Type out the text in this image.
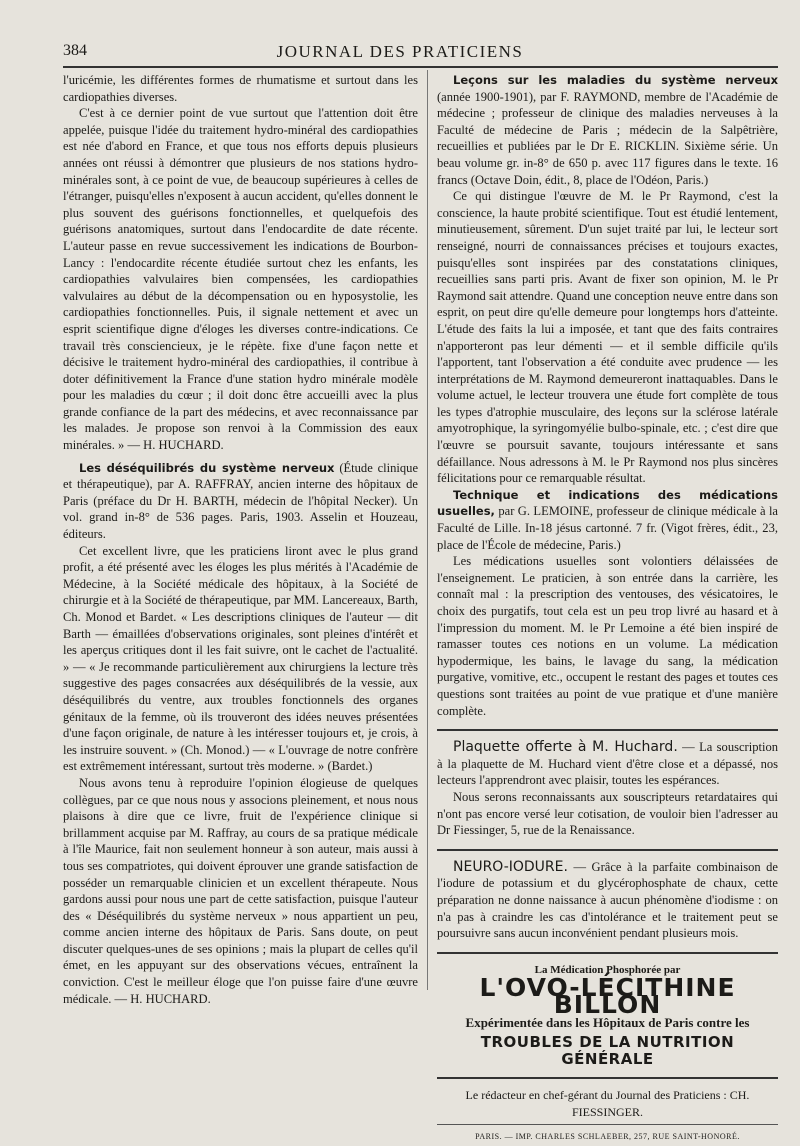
384	JOURNAL DES PRATICIENS

l'uricémie, les différentes formes de rhumatisme et surtout dans les cardiopathies diverses.

C'est à ce dernier point de vue surtout que l'attention doit être appelée, puisque l'idée du traitement hydro-minéral des cardiopathies est née d'abord en France, et que tous nos efforts depuis plusieurs années ont réussi à démontrer que plusieurs de nos stations hydro-minérales sont, à ce point de vue, de beaucoup supérieures à celles de l'étranger, puisqu'elles n'exposent à aucun accident, qu'elles donnent le plus souvent des guérisons fonctionnelles, et quelquefois des guérisons anatomiques, surtout dans l'endocardite de date récente. L'auteur passe en revue successivement les indications de Bourbon-Lancy : l'endocardite récente étudiée surtout chez les enfants, les cardiopathies valvulaires bien compensées, les cardiopathies valvulaires au début de la décompensation ou en hyposystolie, les cardiopathies fonctionnelles. Puis, il signale nettement et avec un esprit scientifique digne d'éloges les diverses contre-indications. Ce travail très consciencieux, je le répète. fixe d'une façon nette et décisive le traitement hydro-minéral des cardiopathies, il contribue à doter définitivement la France d'une station hydro minérale modèle pour les maladies du cœur ; il doit donc être accueilli avec la plus grande confiance de la part des médecins, et avec reconnaissance par les malades. Je propose son renvoi à la Commission des eaux minérales. » — H. HUCHARD.

Les déséquilibrés du système nerveux (Étude clinique et thérapeutique), par A. RAFFRAY, ancien interne des hôpitaux de Paris (préface du Dr H. BARTH, médecin de l'hôpital Necker). Un vol. grand in-8° de 536 pages. Paris, 1903. Asselin et Houzeau, éditeurs.

Cet excellent livre, que les praticiens liront avec le plus grand profit, a été présenté avec les éloges les plus mérités à l'Académie de Médecine, à la Société médicale des hôpitaux, à la Société de chirurgie et à la Société de thérapeutique, par MM. Lancereaux, Barth, Ch. Monod et Bardet. « Les descriptions cliniques de l'auteur — dit Barth — émaillées d'observations originales, sont pleines d'intérêt et les aperçus critiques dont il les fait suivre, ont le cachet de l'actualité. » — « Je recommande particulièrement aux chirurgiens la lecture très suggestive des pages consacrées aux déséquilibrés de la vessie, aux déséquilibrés du ventre, aux troubles fonctionnels des organes génitaux de la femme, où ils trouveront des idées neuves présentées d'une façon originale, de nature à les intéresser toujours et, je crois, à les instruire souvent. » (Ch. Monod.) — « L'ouvrage de notre confrère est extrêmement intéressant, surtout très moderne. » (Bardet.)

Nous avons tenu à reproduire l'opinion élogieuse de quelques collègues, par ce que nous nous y associons pleinement, et nous nous plaisons à dire que ce livre, fruit de l'expérience clinique si brillamment acquise par M. Raffray, au cours de sa pratique médicale à l'île Maurice, fait non seulement honneur à son auteur, mais aussi à tous ses compatriotes, qui doivent éprouver une grande satisfaction de posséder un remarquable clinicien et un excellent thérapeute. Nous gardons aussi pour nous une part de cette satisfaction, puisque l'auteur des « Déséquilibrés du système nerveux » nous appartient un peu, comme ancien interne des hôpitaux de Paris. Sans doute, on peut discuter quelques-unes de ses opinions ; mais la plupart de celles qu'il émet, en les appuyant sur des observations vécues, entraînent la conviction. C'est le meilleur éloge que l'on puisse faire d'une œuvre médicale. — H. HUCHARD.

Leçons sur les maladies du système nerveux (année 1900-1901), par F. RAYMOND, membre de l'Académie de médecine ; professeur de clinique des maladies nerveuses à la Faculté de médecine de Paris ; médecin de la Salpêtrière, recueillies et publiées par le Dr E. RICKLIN. Sixième série. Un beau volume gr. in-8° de 650 p. avec 117 figures dans le texte. 16 francs (Octave Doin, édit., 8, place de l'Odéon, Paris.)

Ce qui distingue l'œuvre de M. le Pr Raymond, c'est la conscience, la haute probité scientifique. Tout est étudié lentement, minutieusement, sûrement. D'un sujet traité par lui, le lecteur sort renseigné, nourri de connaissances précises et toujours exactes, puisqu'elles sont inspirées par des constatations cliniques, recueillies sans parti pris. Avant de fixer son opinion, M. le Pr Raymond sait attendre. Quand une conception neuve entre dans son esprit, on peut dire qu'elle demeure pour longtemps hors d'atteinte. L'étude des faits la lui a imposée, et tant que des faits contraires n'apporteront pas leur démenti — et il semble difficile qu'ils l'apportent, tant l'observation a été conduite avec prudence — les interprétations de M. Raymond demeureront inattaquables. Dans le volume actuel, le lecteur trouvera une étude fort complète de tous les types d'atrophie musculaire, des leçons sur la sclérose latérale amyotrophique, la syringomyélie bulbo-spinale, etc. ; c'est dire que l'œuvre se poursuit savante, toujours intéressante et sans défaillance. Nous adressons à M. le Pr Raymond nos plus sincères félicitations pour ce remarquable résultat.

Technique et indications des médications usuelles, par G. LEMOINE, professeur de clinique médicale à la Faculté de Lille. In-18 jésus cartonné. 7 fr. (Vigot frères, édit., 23, place de l'École de médecine, Paris.)

Les médications usuelles sont volontiers délaissées de l'enseignement. Le praticien, à son entrée dans la carrière, les connaît mal : la prescription des ventouses, des vésicatoires, le choix des purgatifs, tout cela est un peu trop livré au hasard et à l'impression du moment. M. le Pr Lemoine a été bien inspiré de ramasser toutes ces notions en un volume. La médication hypodermique, les bains, le lavage du sang, la médication purgative, vomitive, etc., occupent le restant des pages et toutes ces questions sont traitées au point de vue pratique et d'une manière complète.

Plaquette offerte à M. Huchard. — La souscription à la plaquette de M. Huchard vient d'être close et a dépassé, nos lecteurs l'apprendront avec plaisir, toutes les espérances.

Nous serons reconnaissants aux souscripteurs retardataires qui n'ont pas encore versé leur cotisation, de vouloir bien l'adresser au Dr Fiessinger, 5, rue de la Renaissance.

NEURO-IODURE. — Grâce à la parfaite combinaison de l'iodure de potassium et du glycérophosphate de chaux, cette préparation ne donne naissance à aucun phénomène d'iodisme : on n'a pas à craindre les cas d'intolérance et le traitement peut se poursuivre sans aucun inconvénient pendant plusieurs mois.

La Médication Phosphorée par
L'OVO-LÉCITHINE BILLON
Expérimentée dans les Hôpitaux de Paris contre les
TROUBLES DE LA NUTRITION GÉNÉRALE
Le rédacteur en chef-gérant du Journal des Praticiens : CH. FIESSINGER.
PARIS. — IMP. CHARLES SCHLAEBER, 257, RUE SAINT-HONORÉ.
